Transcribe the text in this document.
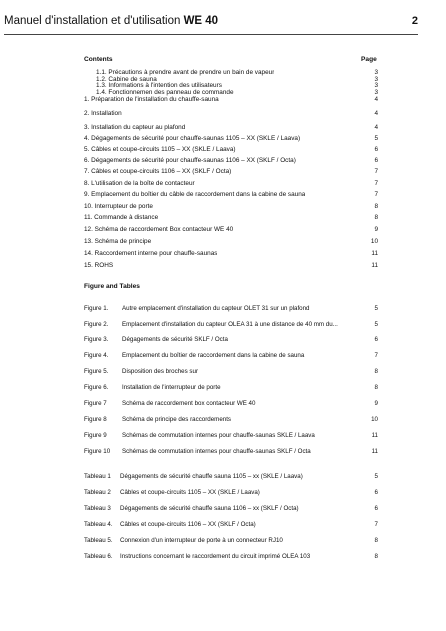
Manuel d'installation et d'utilisation WE 40	2
Contents	Page
1.1. Précautions à prendre avant de prendre un bain de vapeur	3
1.2. Cabine de sauna	3
1.3. Informations à l'intention des utilisateurs	3
1.4. Fonctionnemen des panneau de commande	3
1. Préparation de l'installation du chauffe-sauna	4
2. Installation	4
3. Installation du capteur au plafond	4
4. Dégagements de sécurité pour chauffe-saunas 1105 – XX (SKLE / Laava)	5
5. Câbles et coupe-circuits 1105 – XX (SKLE / Laava)	6
6. Dégagements de sécurité pour chauffe-saunas 1106 – XX (SKLF / Octa)	6
7. Câbles et coupe-circuits 1106 – XX (SKLF / Octa)	7
8. L'utilisation de la boîte de contacteur	7
9. Emplacement du boîtier du câble de raccordement dans la cabine de sauna	7
10. Interrupteur de porte	8
11. Commande à distance	8
12. Schéma de raccordement Box contacteur WE 40	9
13. Schéma de principe	10
14. Raccordement interne pour chauffe-saunas	11
15. ROHS	11
Figure and Tables
Figure 1.	Autre emplacement d'installation du capteur OLET 31 sur un plafond	5
Figure 2.	Emplacement d'installation du capteur OLEA 31 à une distance de 40 mm du...	5
Figure 3.	Dégagements de sécurité SKLF / Octa	6
Figure 4.	Emplacement du boîtier de raccordement dans la cabine de sauna	7
Figure 5.	Disposition des broches sur	8
Figure 6.	Installation de l'interrupteur de porte	8
Figure 7	Schéma de raccordement box contacteur WE 40	9
Figure 8	Schéma de principe des raccordements	10
Figure 9	Schémas de commutation internes pour chauffe-saunas SKLE / Laava	11
Figure 10	Schémas de commutation internes pour chauffe-saunas SKLF / Octa	11
Tableau 1	Dégagements de sécurité chauffe sauna 1105 – xx (SKLE / Laava)	5
Tableau 2	Câbles et coupe-circuits 1105 – XX (SKLE / Laava)	6
Tableau 3	Dégagements de sécurité chauffe sauna 1106 – xx (SKLF / Octa)	6
Tableau 4.	Câbles et coupe-circuits 1106 – XX (SKLF / Octa)	7
Tableau 5.	Connexion d'un interrupteur de porte à un connecteur RJ10	8
Tableau 6.	Instructions concernant le raccordement du circuit imprimé OLEA 103	8
